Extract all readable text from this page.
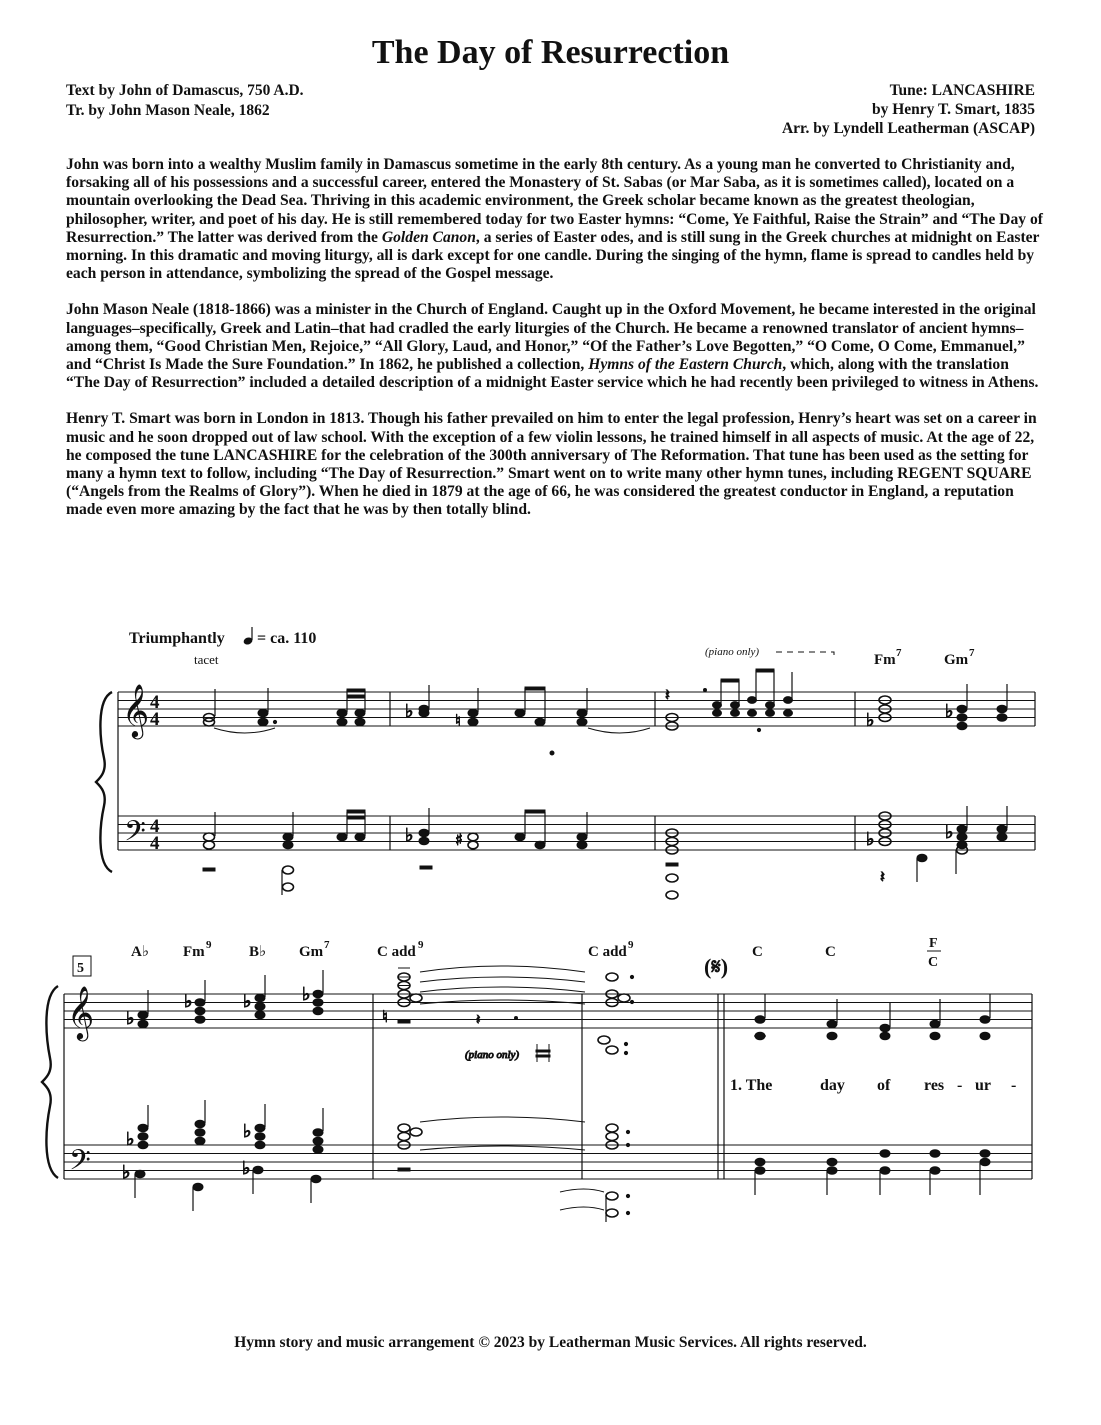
The Day of Resurrection
Text by John of Damascus, 750 A.D.
Tr. by John Mason Neale, 1862
Tune: LANCASHIRE
by Henry T. Smart, 1835
Arr. by Lyndell Leatherman (ASCAP)

John was born into a wealthy Muslim family in Damascus sometime in the early 8th century. As a young man he converted to Christianity and, forsaking all of his possessions and a successful career, entered the Monastery of St. Sabas (or Mar Saba, as it is sometimes called), located on a mountain overlooking the Dead Sea. Thriving in this academic environment, the Greek scholar became known as the greatest theologian, philosopher, writer, and poet of his day. He is still remembered today for two Easter hymns: “Come, Ye Faithful, Raise the Strain” and “The Day of Resurrection.” The latter was derived from the Golden Canon, a series of Easter odes, and is still sung in the Greek churches at midnight on Easter morning. In this dramatic and moving liturgy, all is dark except for one candle. During the singing of the hymn, flame is spread to candles held by each person in attendance, symbolizing the spread of the Gospel message.

John Mason Neale (1818-1866) was a minister in the Church of England. Caught up in the Oxford Movement, he became interested in the original languages–specifically, Greek and Latin–that had cradled the early liturgies of the Church. He became a renowned translator of ancient hymns–among them, “Good Christian Men, Rejoice,” “All Glory, Laud, and Honor,” “Of the Father’s Love Begotten,” “O Come, O Come, Emmanuel,” and “Christ Is Made the Sure Foundation.” In 1862, he published a collection, Hymns of the Eastern Church, which, along with the translation “The Day of Resurrection” included a detailed description of a midnight Easter service which he had recently been privileged to witness in Athens.

Henry T. Smart was born in London in 1813. Though his father prevailed on him to enter the legal profession, Henry’s heart was set on a career in music and he soon dropped out of law school. With the exception of a few violin lessons, he trained himself in all aspects of music. At the age of 22, he composed the tune LANCASHIRE for the celebration of the 300th anniversary of The Reformation. That tune has been used as the setting for many a hymn text to follow, including “The Day of Resurrection.” Smart went on to write many other hymn tunes, including REGENT SQUARE (“Angels from the Realms of Glory”). When he died in 1879 at the age of 66, he was considered the greatest conductor in England, a reputation made even more amazing by the fact that he was by then totally blind.

Triumphantly = ca. 110
tacet	(piano only)	Fm 7	Gm 7
𝄞
𝄢
4
4
4
4
♭	♮
♭	♯
𝄽
♭	♭
♭	♭
𝄽
5
A♭ Fm 9	B♭ Gm 7	C add 9	C add 9	C	C
F
C
(𝄋)
𝄞
𝄢
♭
♭	♭	♭
♭	♭
♭	♭
♮	𝄽
(piano only)
1. The	day of res - ur -
Hymn story and music arrangement © 2023 by Leatherman Music Services. All rights reserved.
